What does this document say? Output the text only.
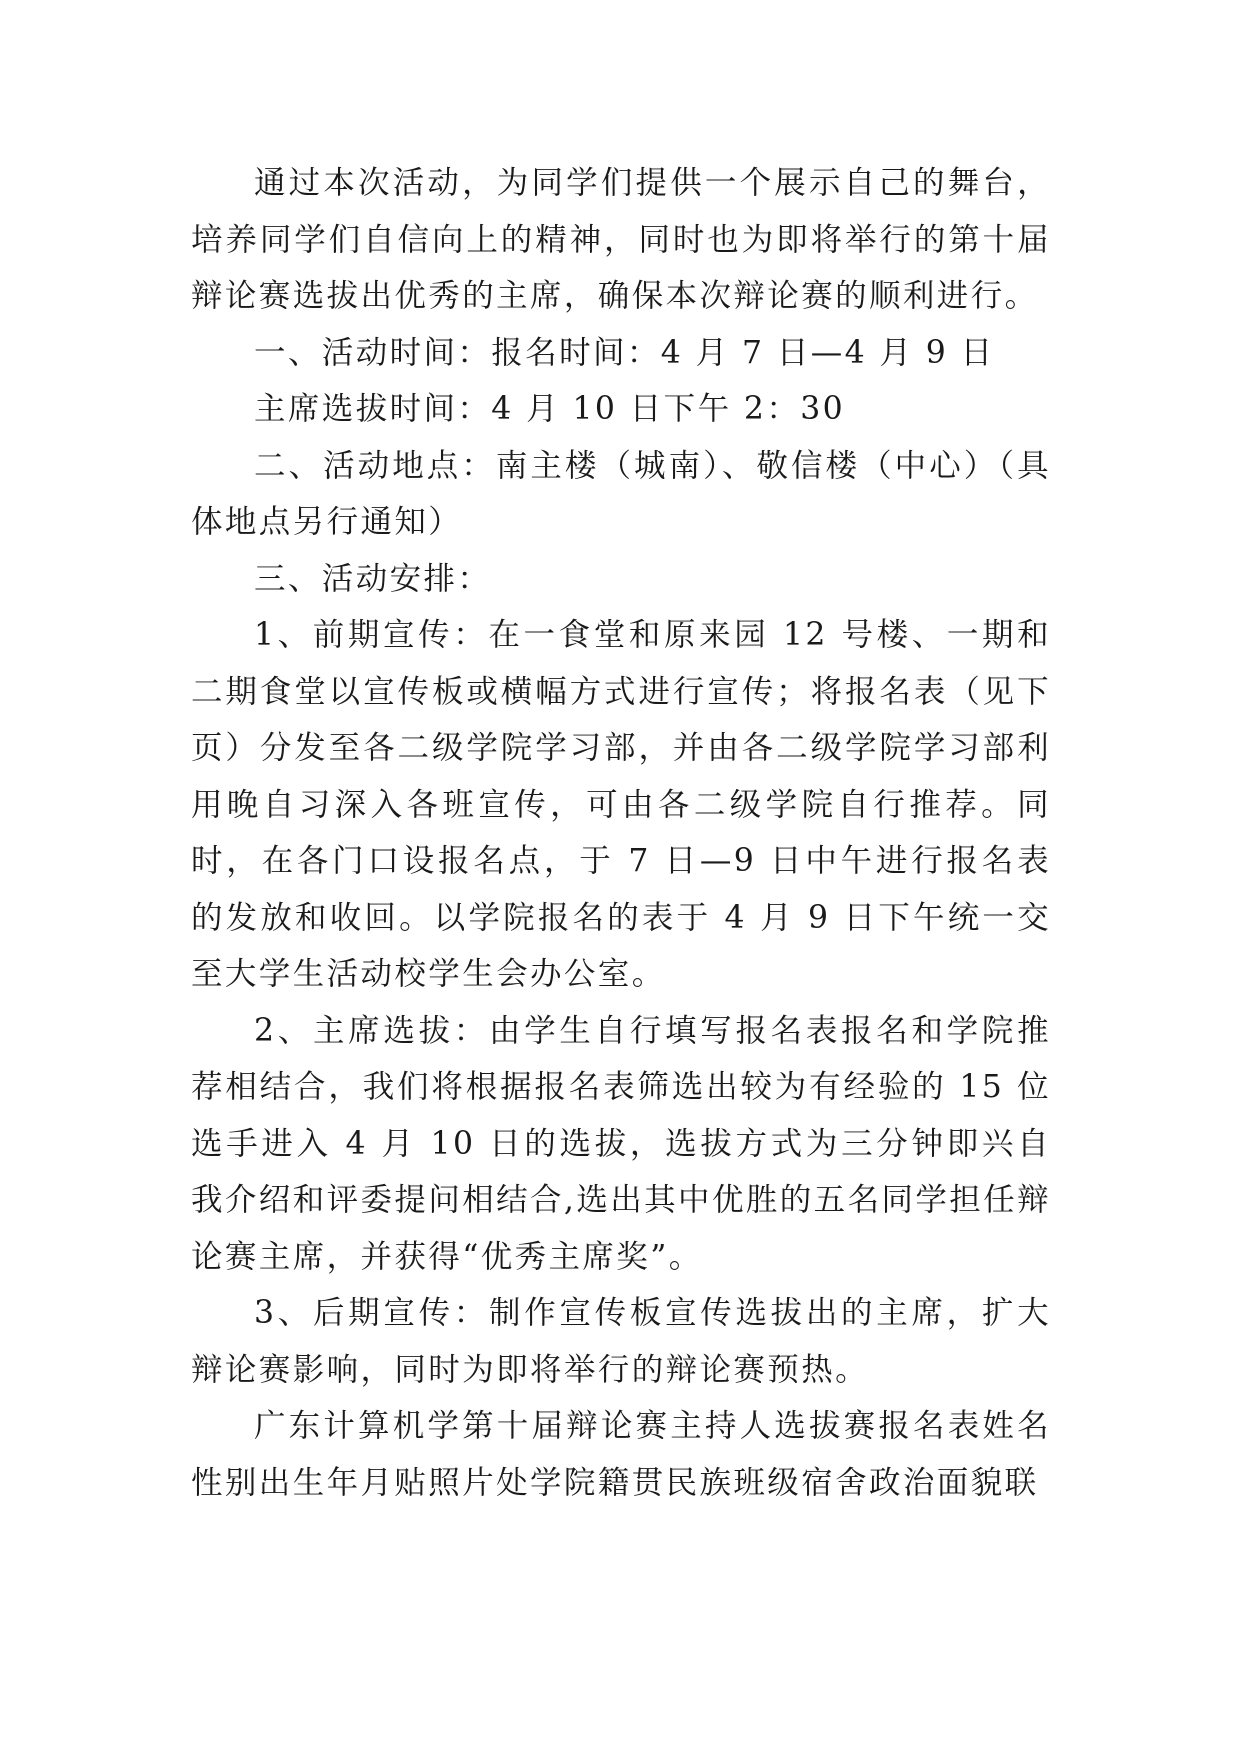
通过本次活动，为同学们提供一个展示自己的舞台，培养同学们自信向上的精神，同时也为即将举行的第十届辩论赛选拔出优秀的主席，确保本次辩论赛的顺利进行。

一、活动时间：报名时间：4 月 7 日—4 月 9 日

主席选拔时间：4 月 10 日下午 2：30

二、活动地点：南主楼（城南）、敬信楼（中心）（具体地点另行通知）

三、活动安排：

1、前期宣传：在一食堂和原来园 12 号楼、一期和二期食堂以宣传板或横幅方式进行宣传；将报名表（见下页）分发至各二级学院学习部，并由各二级学院学习部利用晚自习深入各班宣传，可由各二级学院自行推荐。同时，在各门口设报名点，于 7 日—9 日中午进行报名表的发放和收回。以学院报名的表于 4 月 9 日下午统一交至大学生活动校学生会办公室。

2、主席选拔：由学生自行填写报名表报名和学院推荐相结合，我们将根据报名表筛选出较为有经验的 15 位选手进入 4 月 10 日的选拔，选拔方式为三分钟即兴自我介绍和评委提问相结合,选出其中优胜的五名同学担任辩论赛主席，并获得“优秀主席奖”。

3、后期宣传：制作宣传板宣传选拔出的主席，扩大辩论赛影响，同时为即将举行的辩论赛预热。

广东计算机学第十届辩论赛主持人选拔赛报名表姓名性别出生年月贴照片处学院籍贯民族班级宿舍政治面貌联
